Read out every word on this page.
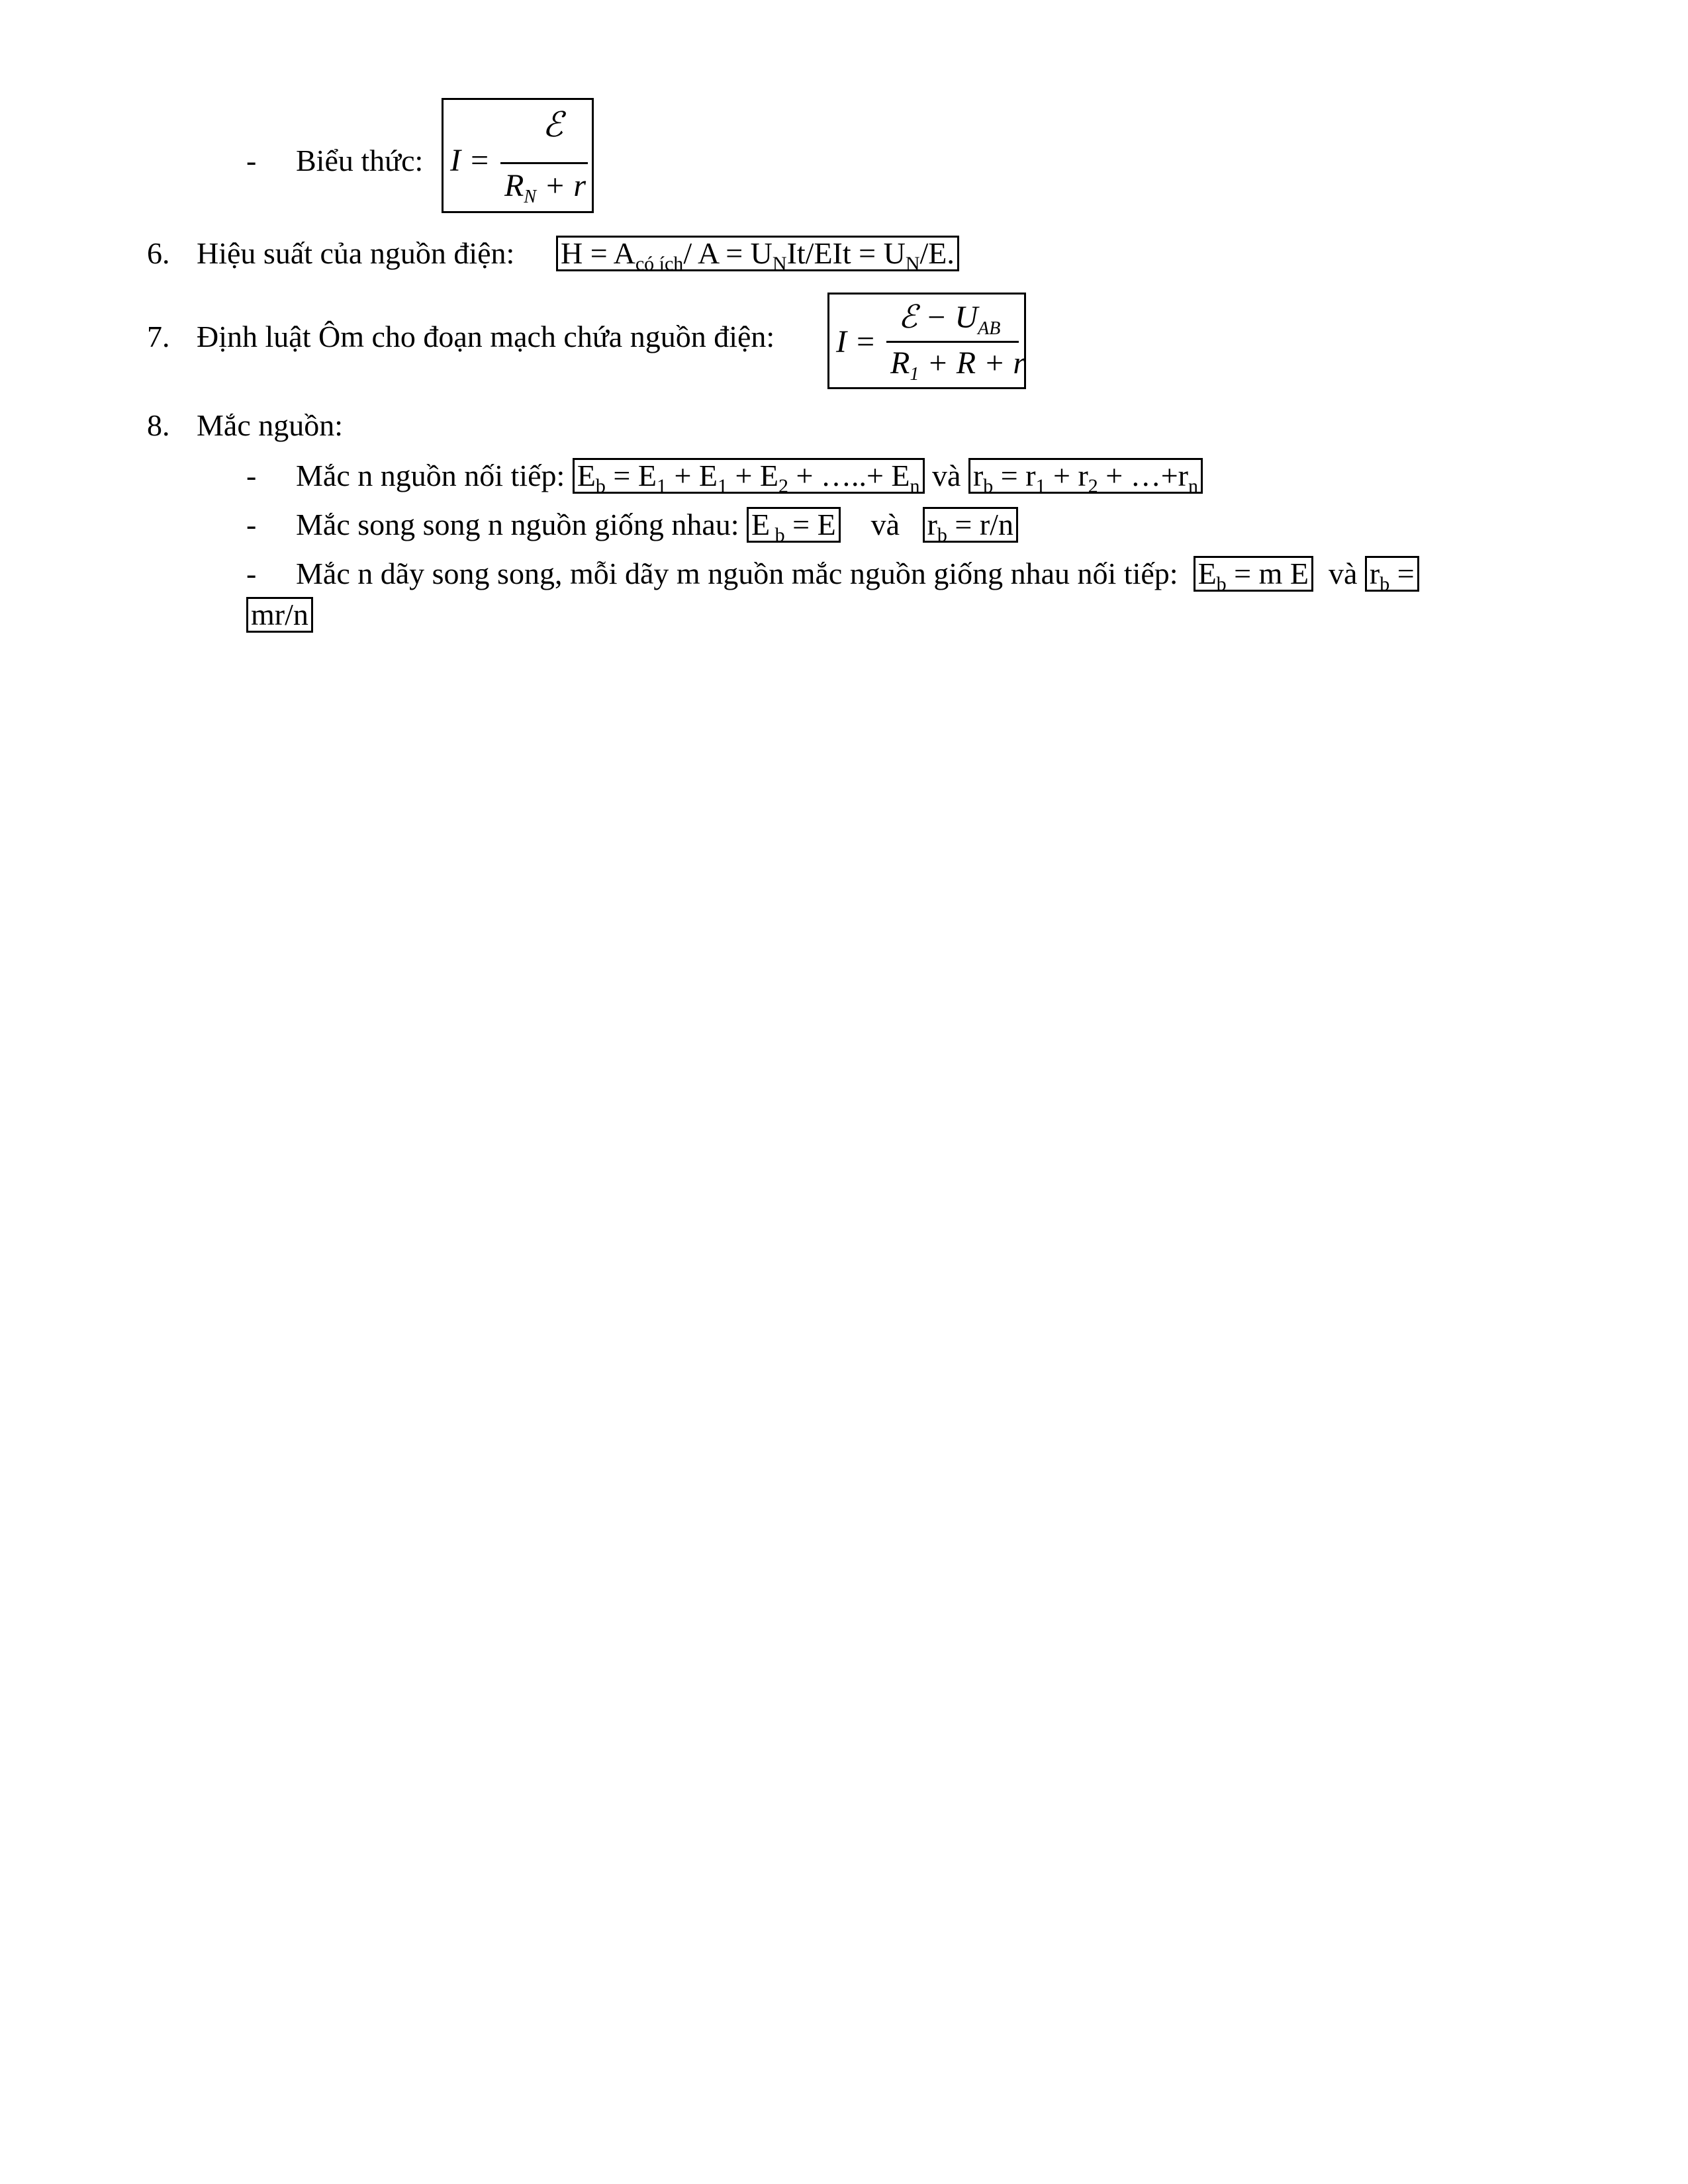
- Biểu thức: I =
ℰ
$R_N + r$
6. Hiệu suất của nguồn điện: $H = A_{có ích}/$ $A = U_NIt$/EIt = $U_N/E$.
7. Định luật Ôm cho đoạn mạch chứa nguồn điện: I =
ℰ − $U_{AB}$
$R_1 + R + r$
8. Mắc nguồn:
- Mắc n nguồn nối tiếp: $E_b = E_1 + E_1 + E_2$ + …..+ $E_n$ và $r_b = r_1 + r_2$ + $\dots+r_n$
- Mắc song song n nguồn giống nhau: E $_b$ = E và $r_b = r/n$
- Mắc n dãy song song, mỗi dãy m nguồn mắc nguồn giống nhau nối tiếp: $E_b = m$ E và $r_b$ =
mr/n
